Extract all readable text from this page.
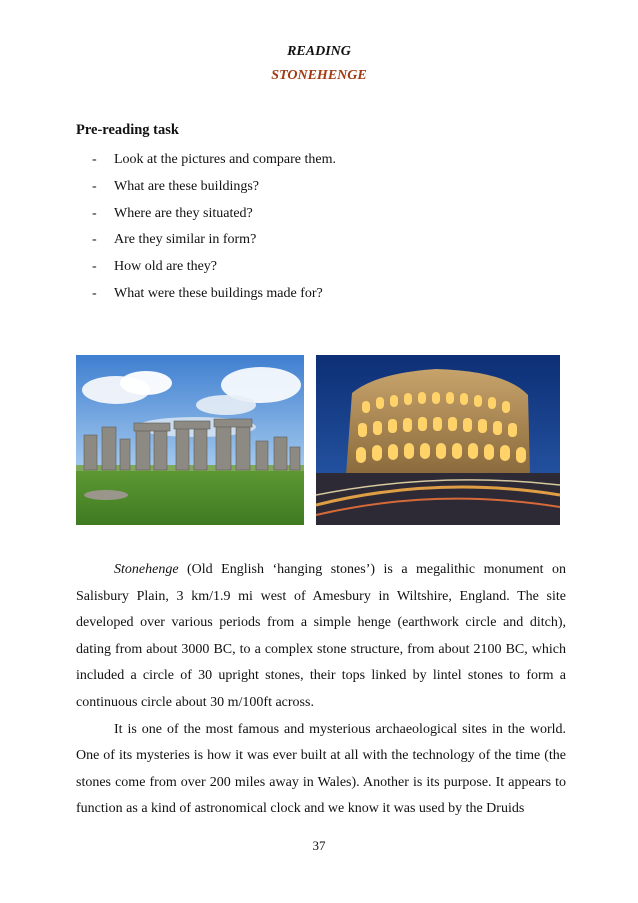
READING
STONEHENGE
Pre-reading task
- Look at the pictures and compare them.
- What are these buildings?
- Where are they situated?
- Are they similar in form?
- How old are they?
- What were these buildings made for?

Stonehenge (Old English ‘hanging stones’) is a megalithic monument on Salisbury Plain, 3 km/1.9 mi west of Amesbury in Wiltshire, England. The site developed over various periods from a simple henge (earthwork circle and ditch), dating from about 3000 BC, to a complex stone structure, from about 2100 BC, which included a circle of 30 upright stones, their tops linked by lintel stones to form a continuous circle about 30 m/100ft across.

It is one of the most famous and mysterious archaeological sites in the world. One of its mysteries is how it was ever built at all with the technology of the time (the stones come from over 200 miles away in Wales). Another is its purpose. It appears to function as a kind of astronomical clock and we know it was used by the Druids

37
